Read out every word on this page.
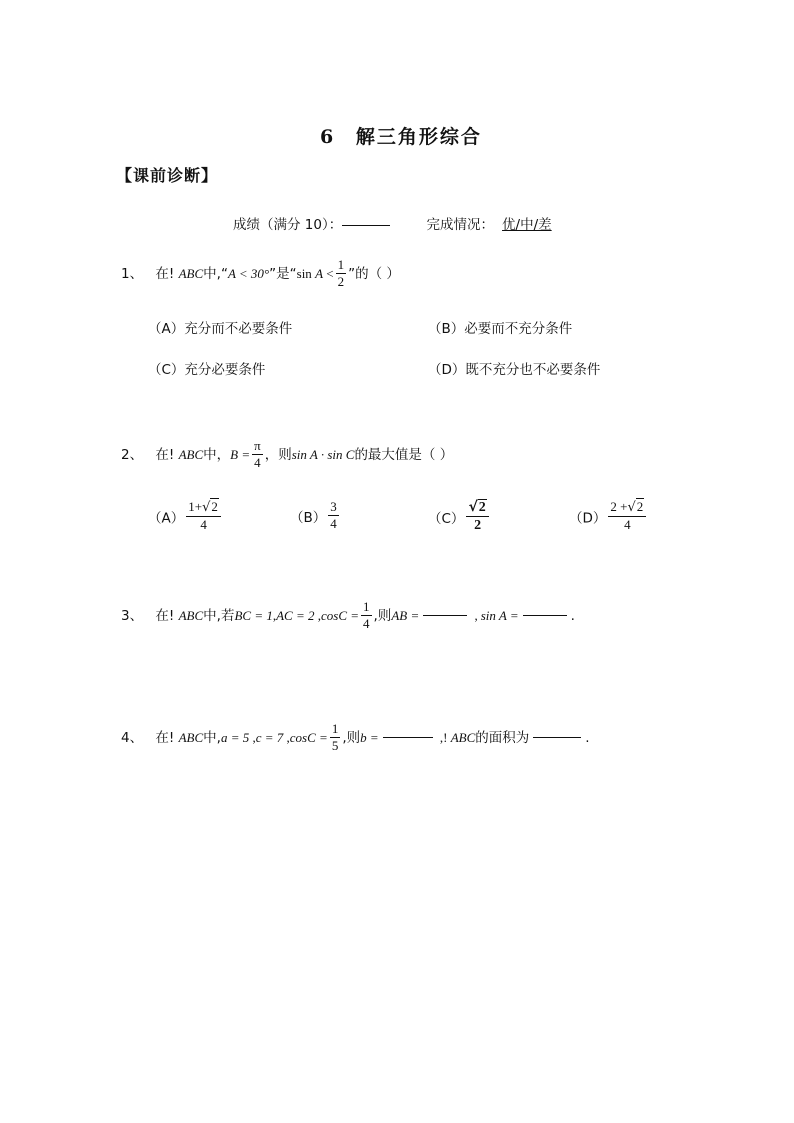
6 解三角形综合
【课前诊断】
成绩（满分 10）：	完成情况： 优/中/差
1、 在! ABC中,“A < 30°”是“sin $A < \frac{1}{2}$ ”的（ ）
（A）充分而不必要条件	（B）必要而不充分条件
（C）充分必要条件	（D）既不充分也不必要条件
2、 在! ABC中，$B = \frac{\pi}{4}$ ，则sin A · sin C的最大值是（ ）
$(A) \frac{1+√2}{4}$	$(B) \frac{3}{4}$	$(C) \frac{√2}{2}$	$(D) \frac{2 +√2}{4}$
3、 在! ABC中,若BC = 1,AC = 2 $,\cos C = \frac{1}{4}$ ,则AB =	, sin A =	.
4、 在! ABC中,a = 5 ,c = 7 $,\cos C = \frac{1}{5}$ ,则b =	,! ABC的面积为	.
